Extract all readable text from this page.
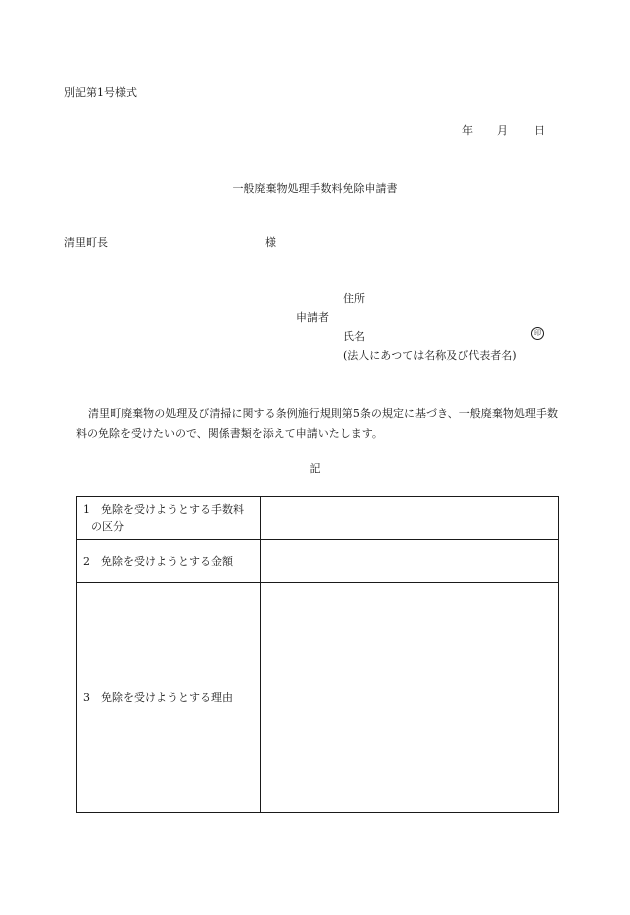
別記第1号様式
年 月 日
一般廃棄物処理手数料免除申請書
清里町長	様
住所
申請者
氏名	印
(法人にあつては名称及び代表者名)
清里町廃棄物の処理及び清掃に関する条例施行規則第5条の規定に基づき、一般廃棄物処理手数料の免除を受けたいので、関係書類を添えて申請いたします。
記
1 免除を受けようとする手数料
の区分	

2 免除を受けようとする金額	
3 免除を受けようとする理由	
